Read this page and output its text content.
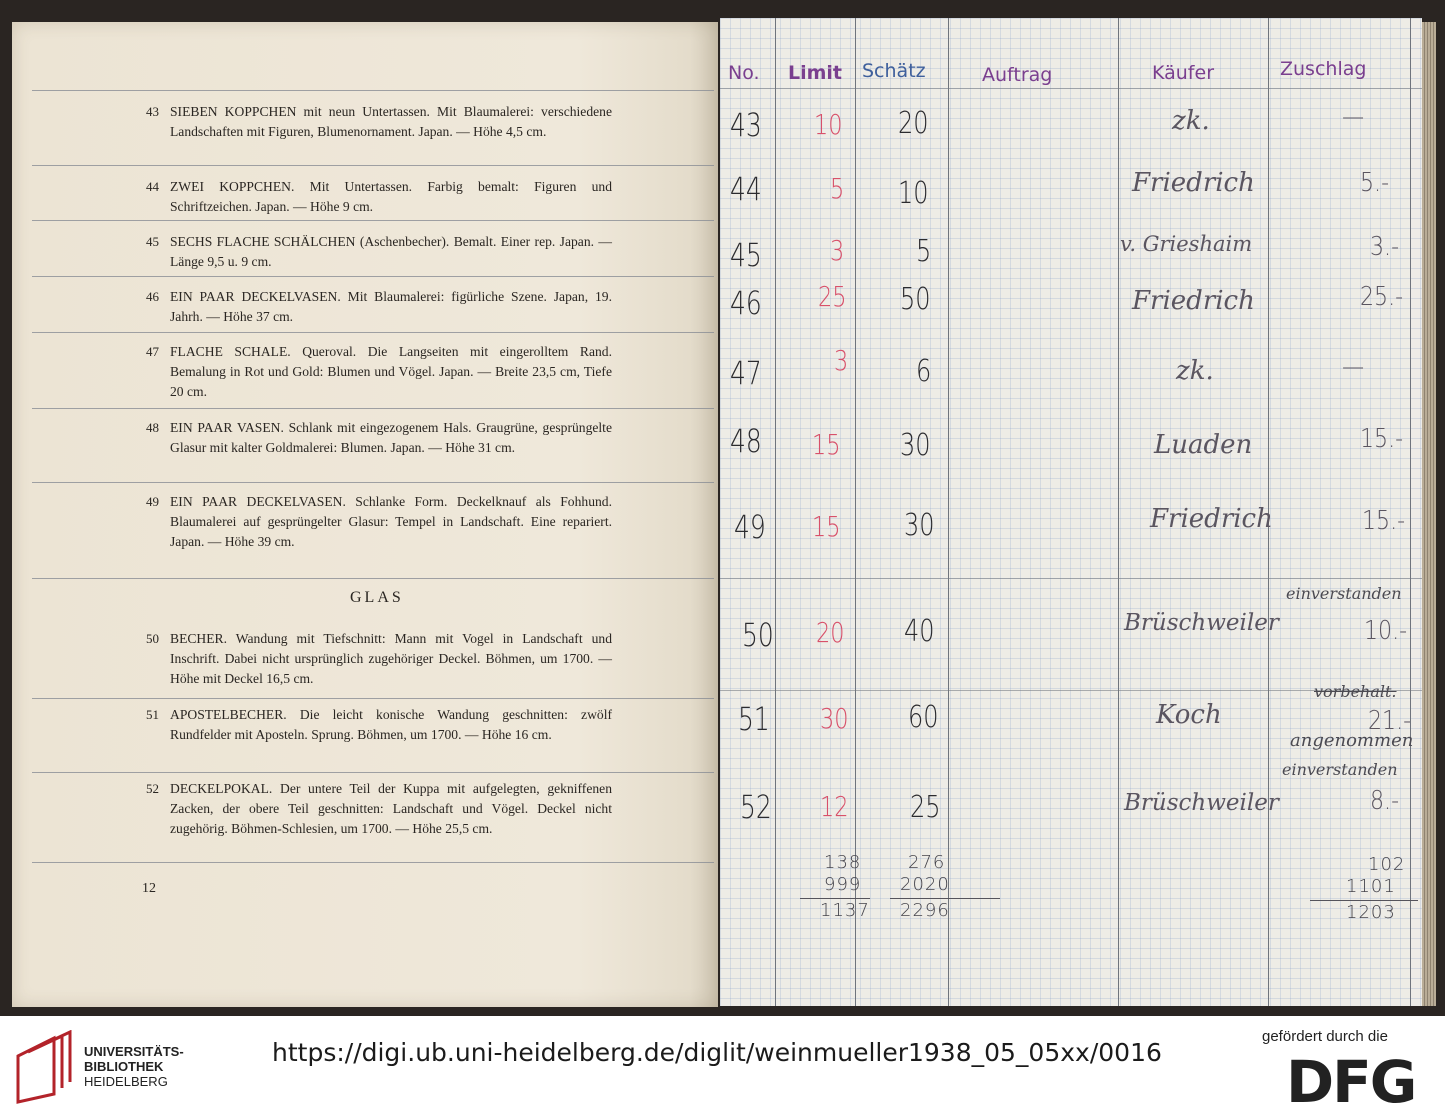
43 SIEBEN KOPPCHEN mit neun Untertassen. Mit Blaumalerei: verschiedene Landschaften mit Figuren, Blumenornament. Japan. — Höhe 4,5 cm.
44 ZWEI KOPPCHEN. Mit Untertassen. Farbig bemalt: Figuren und Schriftzeichen. Japan. — Höhe 9 cm.
45 SECHS FLACHE SCHÄLCHEN (Aschenbecher). Bemalt. Einer rep. Japan. — Länge 9,5 u. 9 cm.
46 EIN PAAR DECKELVASEN. Mit Blaumalerei: figürliche Szene. Japan, 19. Jahrh. — Höhe 37 cm.
47 FLACHE SCHALE. Queroval. Die Langseiten mit eingerolltem Rand. Bemalung in Rot und Gold: Blumen und Vögel. Japan. — Breite 23,5 cm, Tiefe 20 cm.
48 EIN PAAR VASEN. Schlank mit eingezogenem Hals. Graugrüne, gesprüngelte Glasur mit kalter Goldmalerei: Blumen. Japan. — Höhe 31 cm.
49 EIN PAAR DECKELVASEN. Schlanke Form. Deckelknauf als Fohhund. Blaumalerei auf gesprüngelter Glasur: Tempel in Landschaft. Eine repariert. Japan. — Höhe 39 cm.
GLAS
50 BECHER. Wandung mit Tiefschnitt: Mann mit Vogel in Landschaft und Inschrift. Dabei nicht ursprünglich zugehöriger Deckel. Böhmen, um 1700. — Höhe mit Deckel 16,5 cm.
51 APOSTELBECHER. Die leicht konische Wandung geschnitten: zwölf Rundfelder mit Aposteln. Sprung. Böhmen, um 1700. — Höhe 16 cm.
52 DECKELPOKAL. Der untere Teil der Kuppa mit aufgelegten, gekniffenen Zacken, der obere Teil geschnitten: Landschaft und Vögel. Deckel nicht zugehörig. Böhmen-Schlesien, um 1700. — Höhe 25,5 cm.
12
No. Limit Schätz	Auftrag	Käufer	Zuschlag
43 10 20	zk.	—
44 5 10	Friedrich	5.-
45 3 5	v. Grieshaim	3.-
46 25 50	Friedrich	25.-
47	3 6	zk.	—
48 15 30	Luaden	15.-
49 15 30	Friedrich	15.-
50 20 40	Brüschweiler	10.-
einverstanden
51 30 60	Koch	21.-
vorbehalt.
angenommen
52 12 25	Brüschweiler	8.-
einverstanden
138
999
1137
276
2020
2296
102
1101
1203
UNIVERSITÄTS-
BIBLIOTHEK
HEIDELBERG
https://digi.ub.uni-heidelberg.de/diglit/weinmueller1938_05_05xx/0016
gefördert durch die
DFG
